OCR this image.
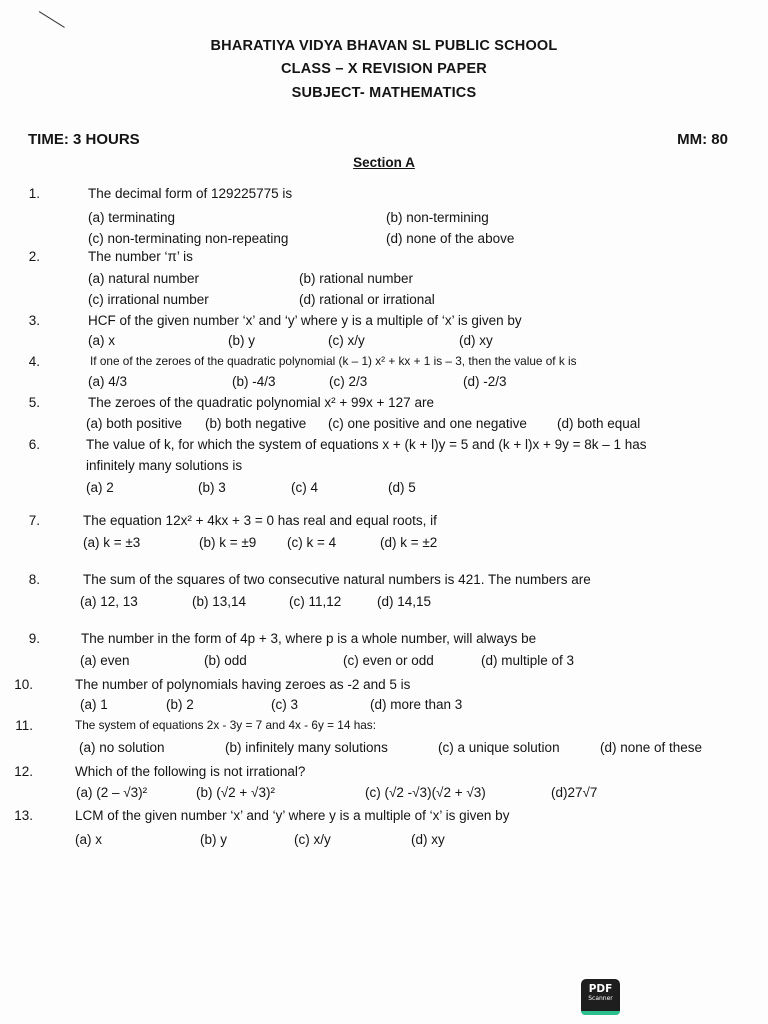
BHARATIYA VIDYA BHAVAN SL PUBLIC SCHOOL
CLASS – X REVISION PAPER
SUBJECT- MATHEMATICS
TIME: 3 HOURS	MM: 80
Section A
1.	The decimal form of 129225775 is
(a) terminating	(b) non-termining
(c) non-terminating non-repeating	(d) none of the above
2.	The number ‘π’ is
(a) natural number	(b) rational number
(c) irrational number	(d) rational or irrational
3.	HCF of the given number ‘x’ and ‘y’ where y is a multiple of ‘x’ is given by
(a) x	(b) y	(c) x/y	(d) xy
4.	If one of the zeroes of the quadratic polynomial (k – 1) x² + kx + 1 is – 3, then the value of k is
(a) 4/3	(b) -4/3	(c) 2/3	(d) -2/3
5.	The zeroes of the quadratic polynomial x² + 99x + 127 are
(a) both positive (b) both negative (c) one positive and one negative (d) both equal
6.	The value of k, for which the system of equations x + (k + l)y = 5 and (k + l)x + 9y = 8k – 1 has
infinitely many solutions is
(a) 2	(b) 3	(c) 4	(d) 5
7.	The equation 12x² + 4kx + 3 = 0 has real and equal roots, if
(a) k = ±3	(b) k = ±9 (c) k = 4	(d) k = ±2
8.	The sum of the squares of two consecutive natural numbers is 421. The numbers are
(a) 12, 13	(b) 13,14	(c) 11,12	(d) 14,15
9.	The number in the form of 4p + 3, where p is a whole number, will always be
(a) even	(b) odd	(c) even or odd	(d) multiple of 3
10.	The number of polynomials having zeroes as -2 and 5 is
(a) 1	(b) 2	(c) 3	(d) more than 3
11.	The system of equations 2x - 3y = 7 and 4x - 6y = 14 has:
(a) no solution	(b) infinitely many solutions	(c) a unique solution	(d) none of these
12.	Which of the following is not irrational?
(a) (2 – √3)²	(b) (√2 + √3)²	(c) (√2 -√3)(√2 + √3)	(d)27√7
13.	LCM of the given number ‘x’ and ‘y’ where y is a multiple of ‘x’ is given by
(a) x	(b) y	(c) x/y	(d) xy
PDF
Scanner
